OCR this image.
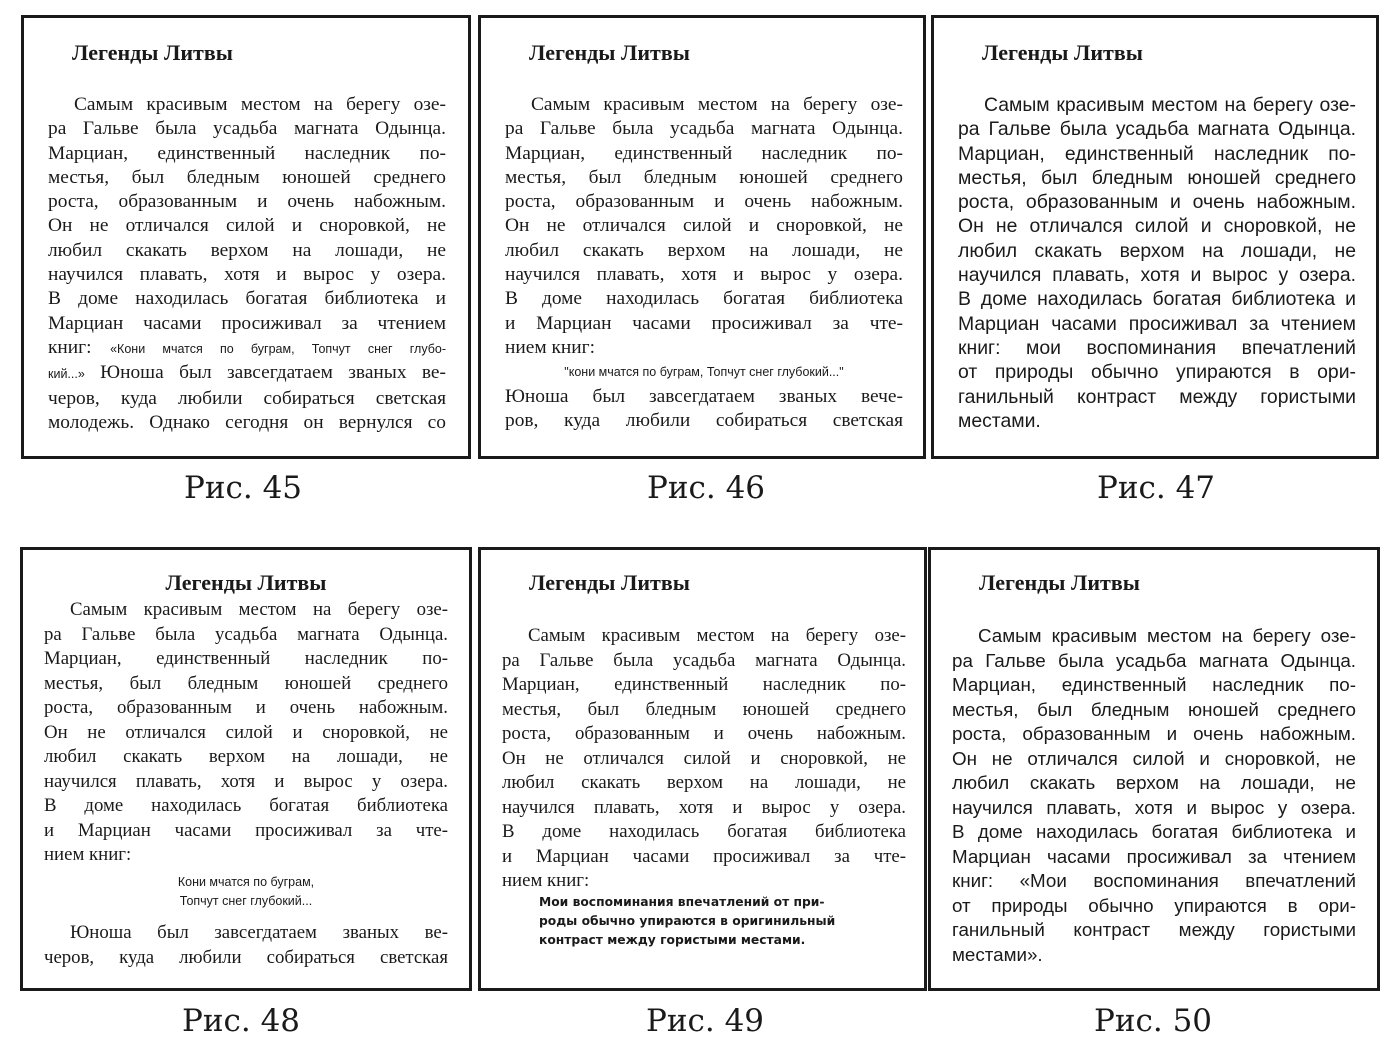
Легенды Литвы
Самым красивым местом на берегу озе-
ра Гальве была усадьба магната Одынца.
Марциан, единственный наследник по-
местья, был бледным юношей среднего
роста, образованным и очень набожным.
Он не отличался силой и сноровкой, не
любил скакать верхом на лошади, не
научился плавать, хотя и вырос у озера.
В доме находилась богатая библиотека и
Марциан часами просиживал за чтением
книг: «Кони мчатся по буграм, Топчут снег глубо-
кий...» Юноша был завсегдатаем званых ве-
черов, куда любили собираться светская
молодежь. Однако сегодня он вернулся со
Рис. 45
Легенды Литвы
Самым красивым местом на берегу озе-
ра Гальве была усадьба магната Одынца.
Марциан, единственный наследник по-
местья, был бледным юношей среднего
роста, образованным и очень набожным.
Он не отличался силой и сноровкой, не
любил скакать верхом на лошади, не
научился плавать, хотя и вырос у озера.
В доме находилась богатая библиотека
и Марциан часами просиживал за чте-
нием книг:
"кони мчатся по буграм, Топчут снег глубокий..."
Юноша был завсегдатаем званых вече-
ров, куда любили собираться светская
Рис. 46
Легенды Литвы
Самым красивым местом на берегу озе-
ра Гальве была усадьба магната Одынца.
Марциан, единственный наследник по-
местья, был бледным юношей среднего
роста, образованным и очень набожным.
Он не отличался силой и сноровкой, не
любил скакать верхом на лошади, не
научился плавать, хотя и вырос у озера.
В доме находилась богатая библиотека и
Марциан часами просиживал за чтением
книг: мои воспоминания впечатлений
от природы обычно упираются в ори-
ганильный контраст между гористыми
местами.
Рис. 47
Легенды Литвы
Самым красивым местом на берегу озе-
ра Гальве была усадьба магната Одынца.
Марциан, единственный наследник по-
местья, был бледным юношей среднего
роста, образованным и очень набожным.
Он не отличался силой и сноровкой, не
любил скакать верхом на лошади, не
научился плавать, хотя и вырос у озера.
В доме находилась богатая библиотека
и Марциан часами просиживал за чте-
нием книг:
Кони мчатся по буграм,
Топчут снег глубокий...
Юноша был завсегдатаем званых ве-
черов, куда любили собираться светская
Рис. 48
Легенды Литвы
Самым красивым местом на берегу озе-
ра Гальве была усадьба магната Одынца.
Марциан, единственный наследник по-
местья, был бледным юношей среднего
роста, образованным и очень набожным.
Он не отличался силой и сноровкой, не
любил скакать верхом на лошади, не
научился плавать, хотя и вырос у озера.
В доме находилась богатая библиотека
и Марциан часами просиживал за чте-
нием книг:
Мои воспоминания впечатлений от при-
роды обычно упираются в оригинильный
контраст между гористыми местами.
Рис. 49
Легенды Литвы
Самым красивым местом на берегу озе-
ра Гальве была усадьба магната Одынца.
Марциан, единственный наследник по-
местья, был бледным юношей среднего
роста, образованным и очень набожным.
Он не отличался силой и сноровкой, не
любил скакать верхом на лошади, не
научился плавать, хотя и вырос у озера.
В доме находилась богатая библиотека и
Марциан часами просиживал за чтением
книг: «Мои воспоминания впечатлений
от природы обычно упираются в ори-
ганильный контраст между гористыми
местами».
Рис. 50
